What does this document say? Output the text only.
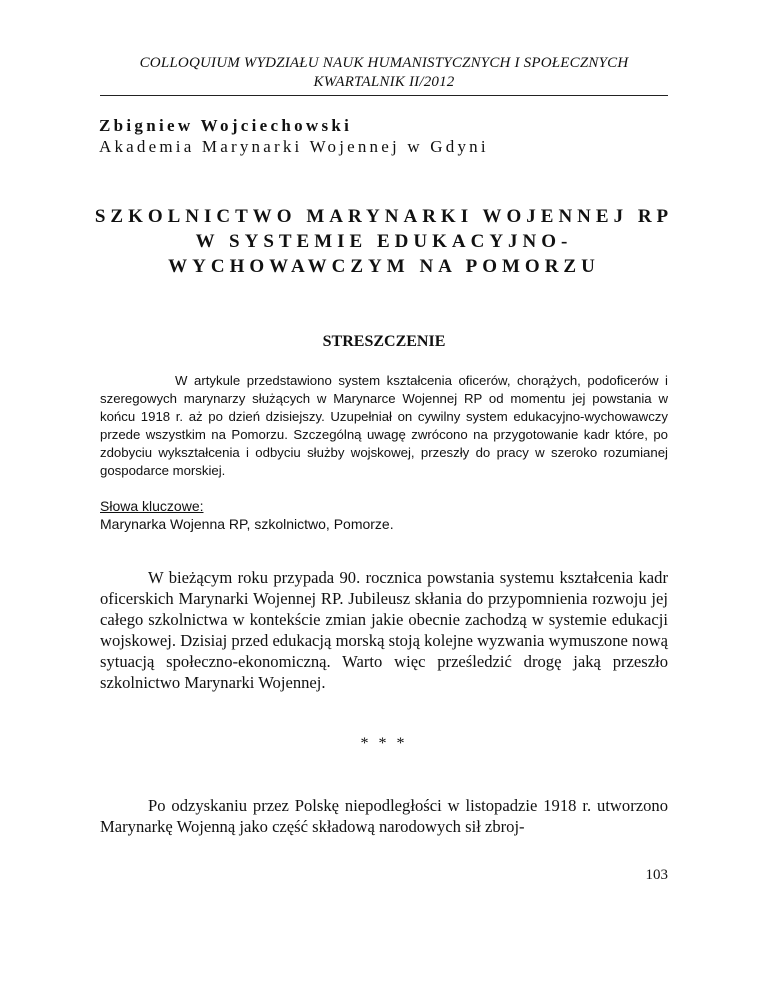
COLLOQUIUM WYDZIAŁU NAUK HUMANISTYCZNYCH I SPOŁECZNYCH
KWARTALNIK II/2012
Zbigniew Wojciechowski
Akademia Marynarki Wojennej w Gdyni
SZKOLNICTWO MARYNARKI WOJENNEJ RP
W SYSTEMIE EDUKACYJNO-
WYCHOWAWCZYM NA POMORZU
STRESZCZENIE

W artykule przedstawiono system kształcenia oficerów, chorążych, podoficerów i szeregowych marynarzy służących w Marynarce Wojennej RP od momentu jej powstania w końcu 1918 r. aż po dzień dzisiejszy. Uzupełniał on cywilny system edukacyjno-wychowawczy przede wszystkim na Pomorzu. Szczególną uwagę zwrócono na przygotowanie kadr które, po zdobyciu wykształcenia i odbyciu służby wojskowej, przeszły do pracy w szeroko rozumianej gospodarce morskiej.

Słowa kluczowe:
Marynarka Wojenna RP, szkolnictwo, Pomorze.

W bieżącym roku przypada 90. rocznica powstania systemu kształcenia kadr oficerskich Marynarki Wojennej RP. Jubileusz skłania do przypomnienia rozwoju jej całego szkolnictwa w kontekście zmian jakie obecnie zachodzą w systemie edukacji wojskowej. Dzisiaj przed edukacją morską stoją kolejne wyzwania wymuszone nową sytuacją społeczno-ekonomiczną. Warto więc prześledzić drogę jaką przeszło szkolnictwo Marynarki Wojennej.

* * *

Po odzyskaniu przez Polskę niepodległości w listopadzie 1918 r. utworzono Marynarkę Wojenną jako część składową narodowych sił zbroj-

103
